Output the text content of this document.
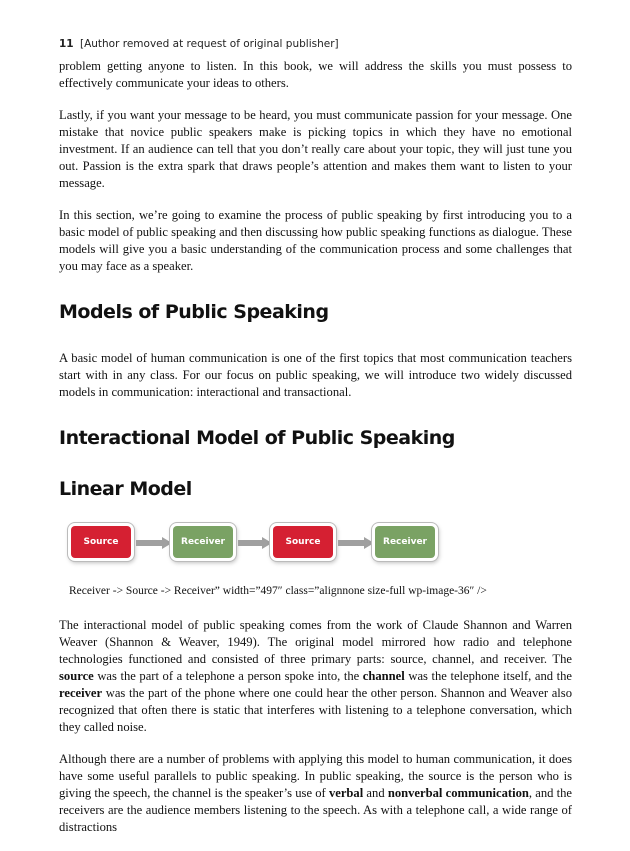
11 [Author removed at request of original publisher]

problem getting anyone to listen. In this book, we will address the skills you must possess to effectively communicate your ideas to others.

Lastly, if you want your message to be heard, you must communicate passion for your message. One mistake that novice public speakers make is picking topics in which they have no emotional investment. If an audience can tell that you don’t really care about your topic, they will just tune you out. Passion is the extra spark that draws people’s attention and makes them want to listen to your message.

In this section, we’re going to examine the process of public speaking by first introducing you to a basic model of public speaking and then discussing how public speaking functions as dialogue. These models will give you a basic understanding of the communication process and some challenges that you may face as a speaker.

Models of Public Speaking

A basic model of human communication is one of the first topics that most communication teachers start with in any class. For our focus on public speaking, we will introduce two widely discussed models in communication: interactional and transactional.

Interactional Model of Public Speaking
Linear Model
Source	Receiver	Source	Receiver
Receiver -> Source -> Receiver” width=”497″ class=”alignnone size-full wp-image-36″ />

The interactional model of public speaking comes from the work of Claude Shannon and Warren Weaver (Shannon & Weaver, 1949). The original model mirrored how radio and telephone technologies functioned and consisted of three primary parts: source, channel, and receiver. The source was the part of a telephone a person spoke into, the channel was the telephone itself, and the receiver was the part of the phone where one could hear the other person. Shannon and Weaver also recognized that often there is static that interferes with listening to a telephone conversation, which they called noise.

Although there are a number of problems with applying this model to human communication, it does have some useful parallels to public speaking. In public speaking, the source is the person who is giving the speech, the channel is the speaker’s use of verbal and nonverbal communication, and the receivers are the audience members listening to the speech. As with a telephone call, a wide range of distractions
